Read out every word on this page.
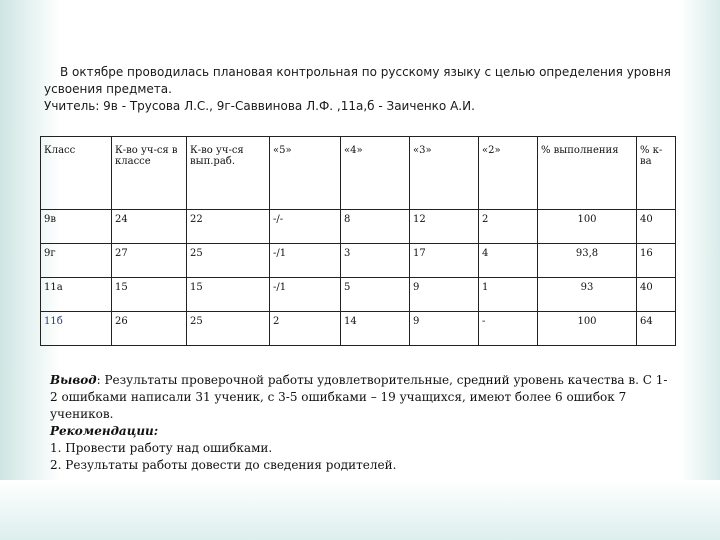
В октябре проводилась плановая контрольная по русскому языку с целью определения уровня усвоения предмета.

Учитель: 9в - Трусова Л.С., 9г-Саввинова Л.Ф. ,11а,б - Заиченко А.И.

Класс	К-во уч-ся в классе	К-во уч-ся вып.раб.	«5»	«4»	«3»	«2»	% выполнения	% к-ва
9в	24	22	-/-	8	12	2	100	40
9г	27	25	-/1	3	17	4	93,8	16
11а	15	15	-/1	5	9	1	93	40
11б	26	25	2	14	9	-	100	64

Вывод: Результаты проверочной работы удовлетворительные, средний уровень качества в. С 1-2 ошибками написали 31 ученик, с 3-5 ошибками – 19 учащихся, имеют более 6 ошибок 7 учеников.

Рекомендации:

1. Провести работу над ошибками.

2. Результаты работы довести до сведения родителей.
